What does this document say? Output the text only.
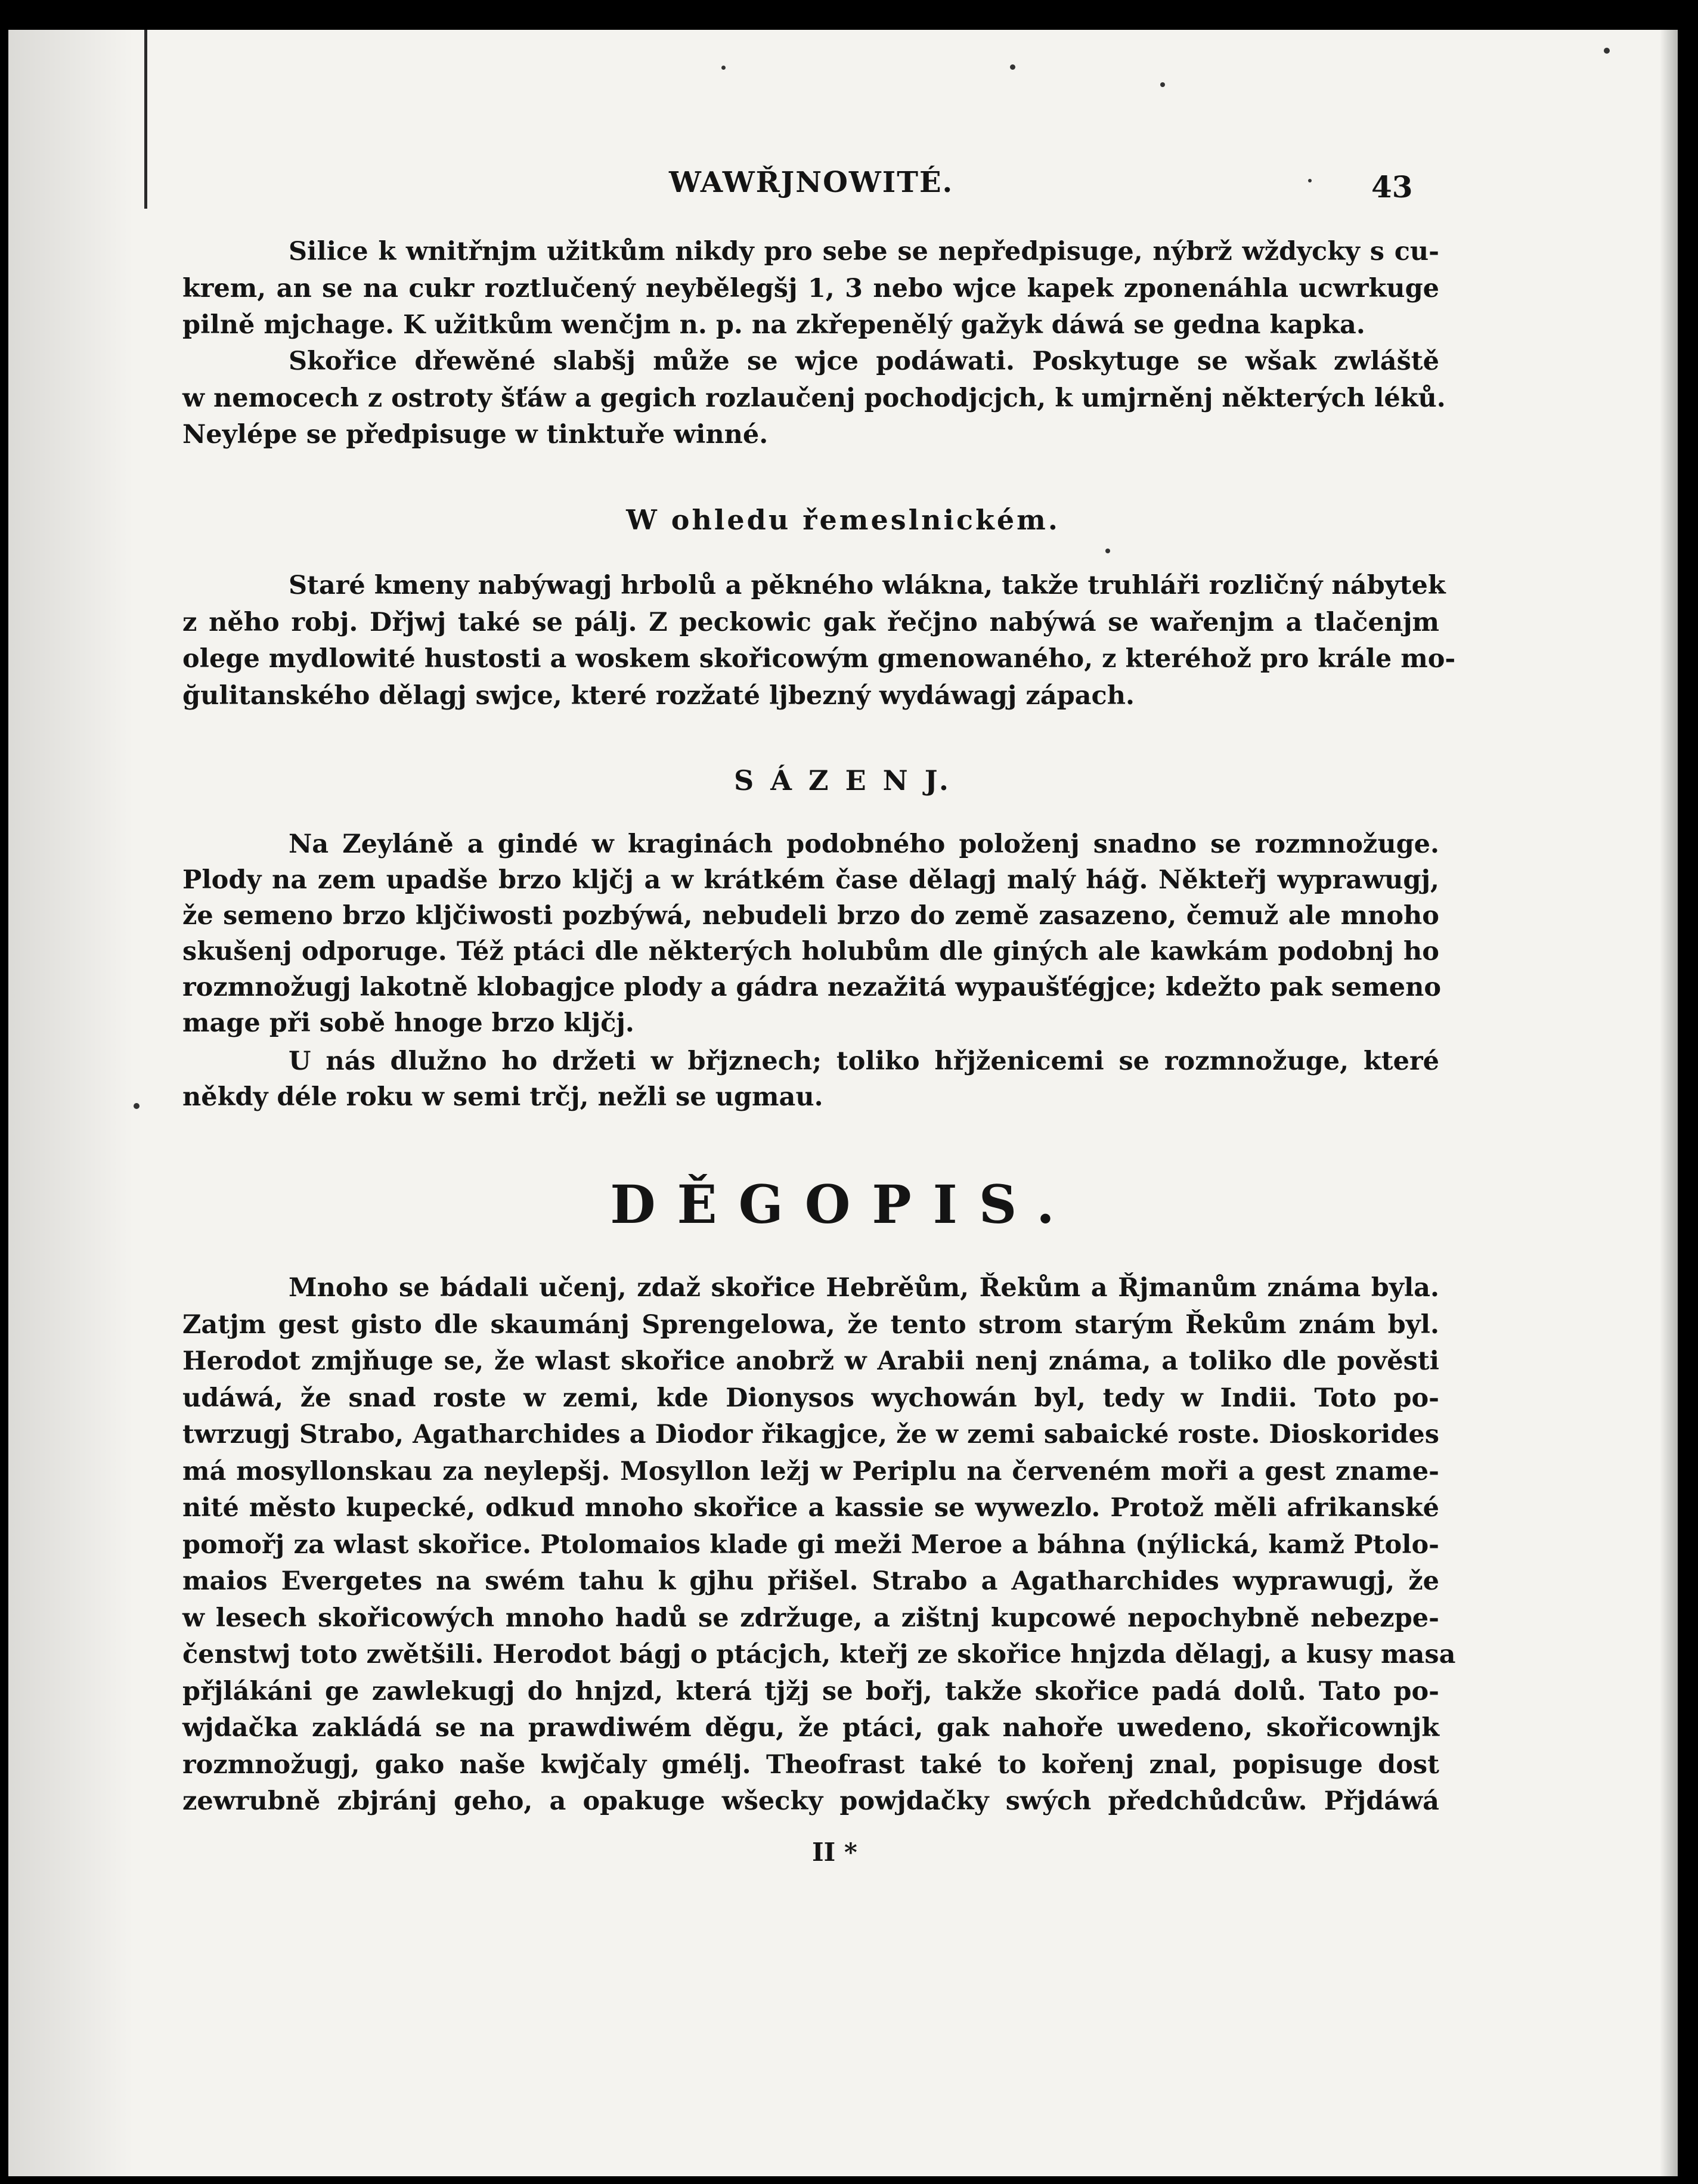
WAWŘJNOWITÉ.	43
Silice k wnitřnjm užitkům nikdy pro sebe se nepředpisuge, nýbrž wždycky s cu-
krem, an se na cukr roztlučený neybělegšj 1, 3 nebo wjce kapek zponenáhla ucwrkuge
pilně mjchage. K užitkům wenčjm n. p. na zkřepenělý gažyk dáwá se gedna kapka.
Skořice dřewěné slabšj může se wjce podáwati. Poskytuge se wšak zwláště
w nemocech z ostroty šťáw a gegich rozlaučenj pochodjcjch, k umjrněnj některých léků.
Neylépe se předpisuge w tinktuře winné.
W ohledu řemeslnickém.
Staré kmeny nabýwagj hrbolů a pěkného wlákna, takže truhláři rozličný nábytek
z něho robj. Dřjwj také se pálj. Z peckowic gak řečjno nabýwá se wařenjm a tlačenjm
olege mydlowité hustosti a woskem skořicowým gmenowaného, z kteréhož pro krále mo-
ğulitanského dělagj swjce, které rozžaté ljbezný wydáwagj zápach.
S Á Z E N J.
Na Zeyláně a gindé w kraginách podobného položenj snadno se rozmnožuge.
Plody na zem upadše brzo kljčj a w krátkém čase dělagj malý háğ. Někteřj wyprawugj,
že semeno brzo kljčiwosti pozbýwá, nebudeli brzo do země zasazeno, čemuž ale mnoho
skušenj odporuge. Též ptáci dle některých holubům dle giných ale kawkám podobnj ho
rozmnožugj lakotně klobagjce plody a gádra nezažitá wypaušťégjce; kdežto pak semeno
mage při sobě hnoge brzo kljčj.
U nás dlužno ho držeti w břjznech; toliko hřjženicemi se rozmnožuge, které
někdy déle roku w semi trčj, nežli se ugmau.
DĚGOPIS.
Mnoho se bádali učenj, zdaž skořice Hebrěům, Řekům a Řjmanům známa byla.
Zatjm gest gisto dle skaumánj Sprengelowa, že tento strom starým Řekům znám byl.
Herodot zmjňuge se, že wlast skořice anobrž w Arabii nenj známa, a toliko dle pověsti
udáwá, že snad roste w zemi, kde Dionysos wychowán byl, tedy w Indii. Toto po-
twrzugj Strabo, Agatharchides a Diodor řikagjce, že w zemi sabaické roste. Dioskorides
má mosyllonskau za neylepšj. Mosyllon ležj w Periplu na červeném moři a gest zname-
nité město kupecké, odkud mnoho skořice a kassie se wywezlo. Protož měli afrikanské
pomořj za wlast skořice. Ptolomaios klade gi meži Meroe a báhna (nýlická, kamž Ptolo-
maios Evergetes na swém tahu k gjhu přišel. Strabo a Agatharchides wyprawugj, že
w lesech skořicowých mnoho hadů se zdržuge, a zištnj kupcowé nepochybně nebezpe-
čenstwj toto zwětšili. Herodot bágj o ptácjch, kteřj ze skořice hnjzda dělagj, a kusy masa
přjlákáni ge zawlekugj do hnjzd, která tjžj se bořj, takže skořice padá dolů. Tato po-
wjdačka zakládá se na prawdiwém děgu, že ptáci, gak nahoře uwedeno, skořicownjk
rozmnožugj, gako naše kwjčaly gmélj. Theofrast také to kořenj znal, popisuge dost
zewrubně zbjránj geho, a opakuge wšecky powjdačky swých předchůdcůw. Přjdáwá
II *
